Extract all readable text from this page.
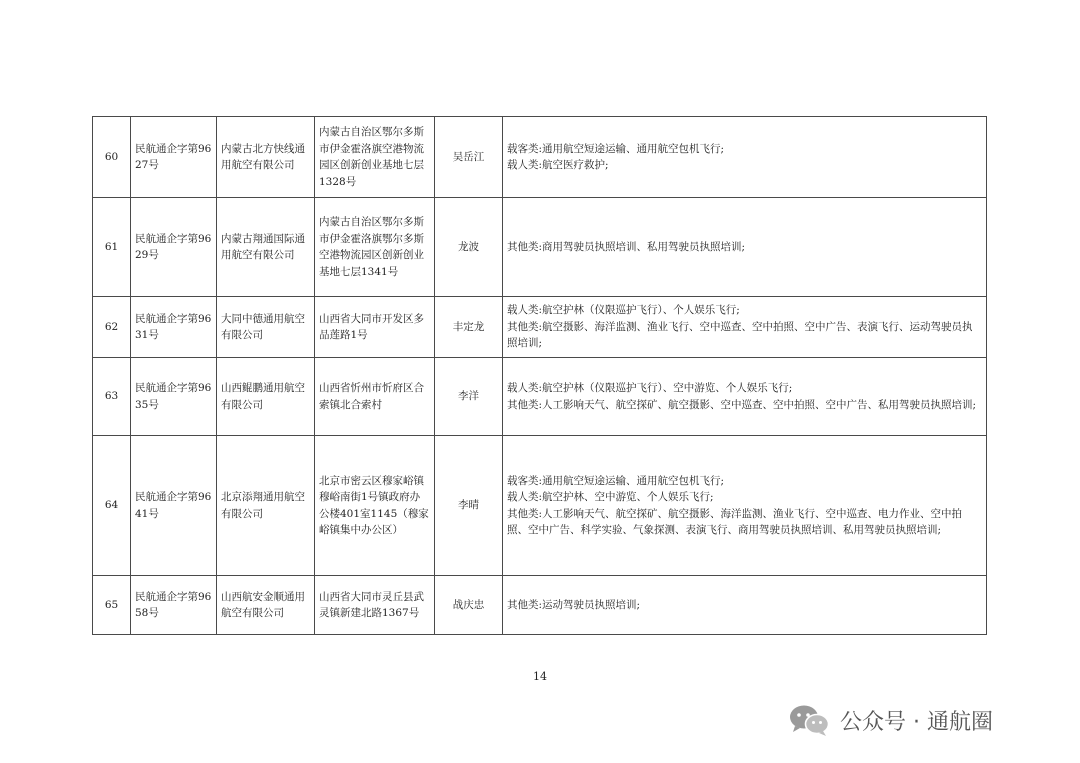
60	民航通企字第9627号	内蒙古北方快线通用航空有限公司	内蒙古自治区鄂尔多斯市伊金霍洛旗空港物流园区创新创业基地七层1328号	吴岳江	载客类:通用航空短途运输、通用航空包机飞行;
载人类:航空医疗救护;

61	民航通企字第9629号	内蒙古翔通国际通用航空有限公司	内蒙古自治区鄂尔多斯市伊金霍洛旗鄂尔多斯空港物流园区创新创业基地七层1341号	龙波	其他类:商用驾驶员执照培训、私用驾驶员执照培训;

62	民航通企字第9631号	大同中德通用航空有限公司	山西省大同市开发区多品莲路1号	丰定龙	载人类:航空护林（仪限巡护飞行）、个人娱乐飞行;
其他类:航空摄影、海洋监测、渔业飞行、空中巡查、空中拍照、空中广告、表演飞行、运动驾驶员执照培训;

63	民航通企字第9635号	山西鲲鹏通用航空有限公司	山西省忻州市忻府区合索镇北合索村	李洋	载人类:航空护林（仪限巡护飞行）、空中游览、个人娱乐飞行;
其他类:人工影响天气、航空探矿、航空摄影、空中巡查、空中拍照、空中广告、私用驾驶员执照培训;

64	民航通企字第9641号	北京添翔通用航空有限公司	北京市密云区穆家峪镇穆峪南街1号镇政府办公楼401室1145（穆家峪镇集中办公区）	李晴	载客类:通用航空短途运输、通用航空包机飞行;
载人类:航空护林、空中游览、个人娱乐飞行;
其他类:人工影响天气、航空探矿、航空摄影、海洋监测、渔业飞行、空中巡查、电力作业、空中拍照、空中广告、科学实验、气象探测、表演飞行、商用驾驶员执照培训、私用驾驶员执照培训;

65	民航通企字第9658号	山西航安金顺通用航空有限公司	山西省大同市灵丘县武灵镇新建北路1367号	战庆忠	其他类:运动驾驶员执照培训;
14
公众号 · 通航圈
